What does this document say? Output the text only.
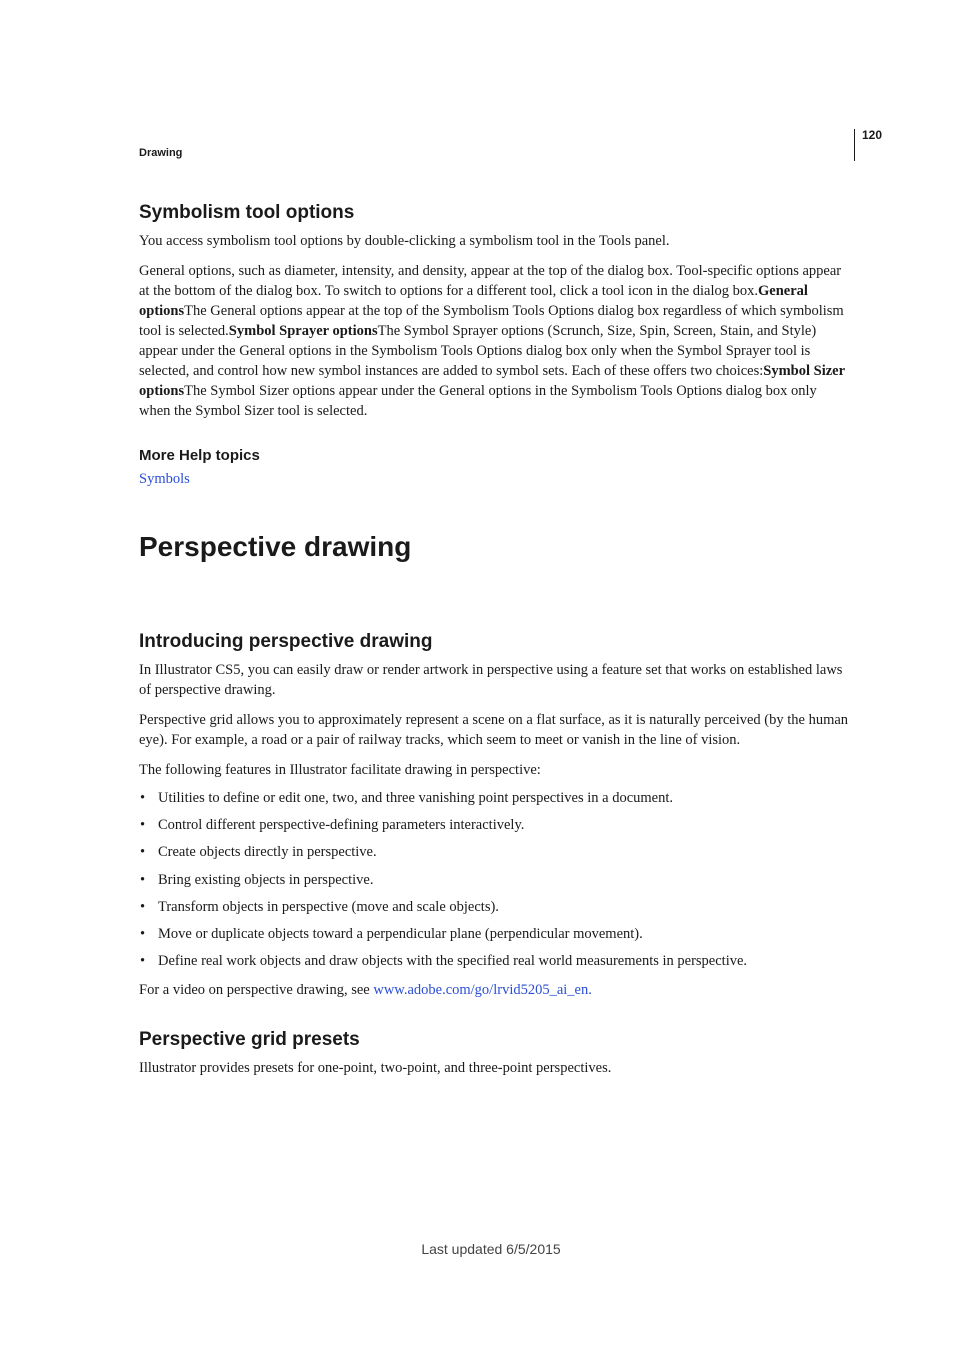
120
Drawing
Symbolism tool options

You access symbolism tool options by double-clicking a symbolism tool in the Tools panel.

General options, such as diameter, intensity, and density, appear at the top of the dialog box. Tool-specific options appear at the bottom of the dialog box. To switch to options for a different tool, click a tool icon in the dialog box.General optionsThe General options appear at the top of the Symbolism Tools Options dialog box regardless of which symbolism tool is selected.Symbol Sprayer optionsThe Symbol Sprayer options (Scrunch, Size, Spin, Screen, Stain, and Style) appear under the General options in the Symbolism Tools Options dialog box only when the Symbol Sprayer tool is selected, and control how new symbol instances are added to symbol sets. Each of these offers two choices:Symbol Sizer optionsThe Symbol Sizer options appear under the General options in the Symbolism Tools Options dialog box only when the Symbol Sizer tool is selected.

More Help topics
Symbols
Perspective drawing
Introducing perspective drawing

In Illustrator CS5, you can easily draw or render artwork in perspective using a feature set that works on established laws of perspective drawing.

Perspective grid allows you to approximately represent a scene on a flat surface, as it is naturally perceived (by the human eye). For example, a road or a pair of railway tracks, which seem to meet or vanish in the line of vision.

The following features in Illustrator facilitate drawing in perspective:

• Utilities to define or edit one, two, and three vanishing point perspectives in a document.
• Control different perspective-defining parameters interactively.
• Create objects directly in perspective.
• Bring existing objects in perspective.
• Transform objects in perspective (move and scale objects).
• Move or duplicate objects toward a perpendicular plane (perpendicular movement).
• Define real work objects and draw objects with the specified real world measurements in perspective.

For a video on perspective drawing, see www.adobe.com/go/lrvid5205_ai_en.

Perspective grid presets

Illustrator provides presets for one-point, two-point, and three-point perspectives.

Last updated 6/5/2015
